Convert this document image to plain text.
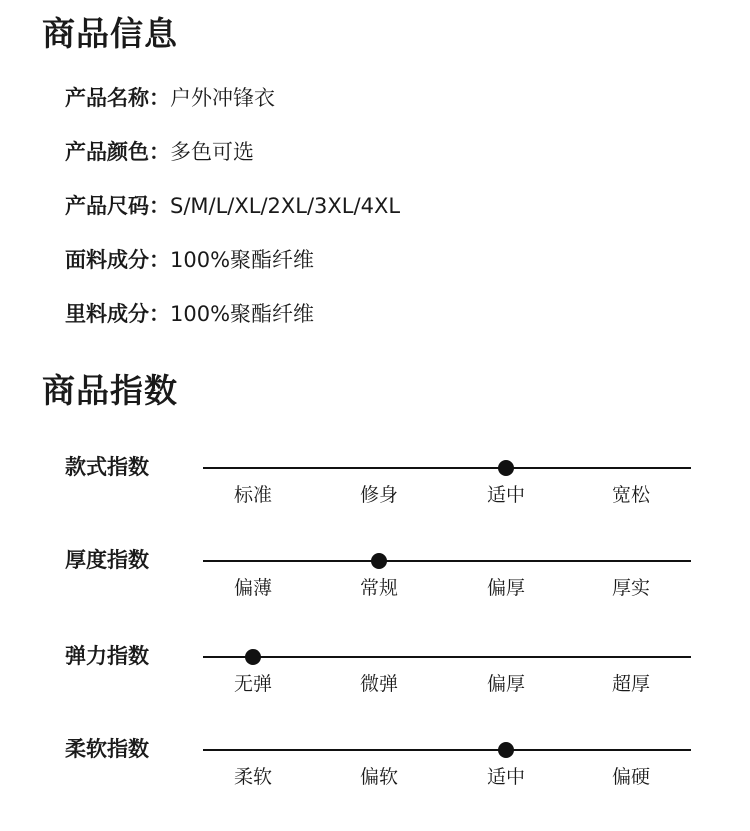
商品信息
产品名称：户外冲锋衣
产品颜色：多色可选
产品尺码：S/M/L/XL/2XL/3XL/4XL
面料成分：100%聚酯纤维
里料成分：100%聚酯纤维
商品指数
款式指数
标准	修身	适中	宽松
厚度指数
偏薄	常规	偏厚	厚实
弹力指数
无弹	微弹	偏厚	超厚
柔软指数
柔软	偏软	适中	偏硬
